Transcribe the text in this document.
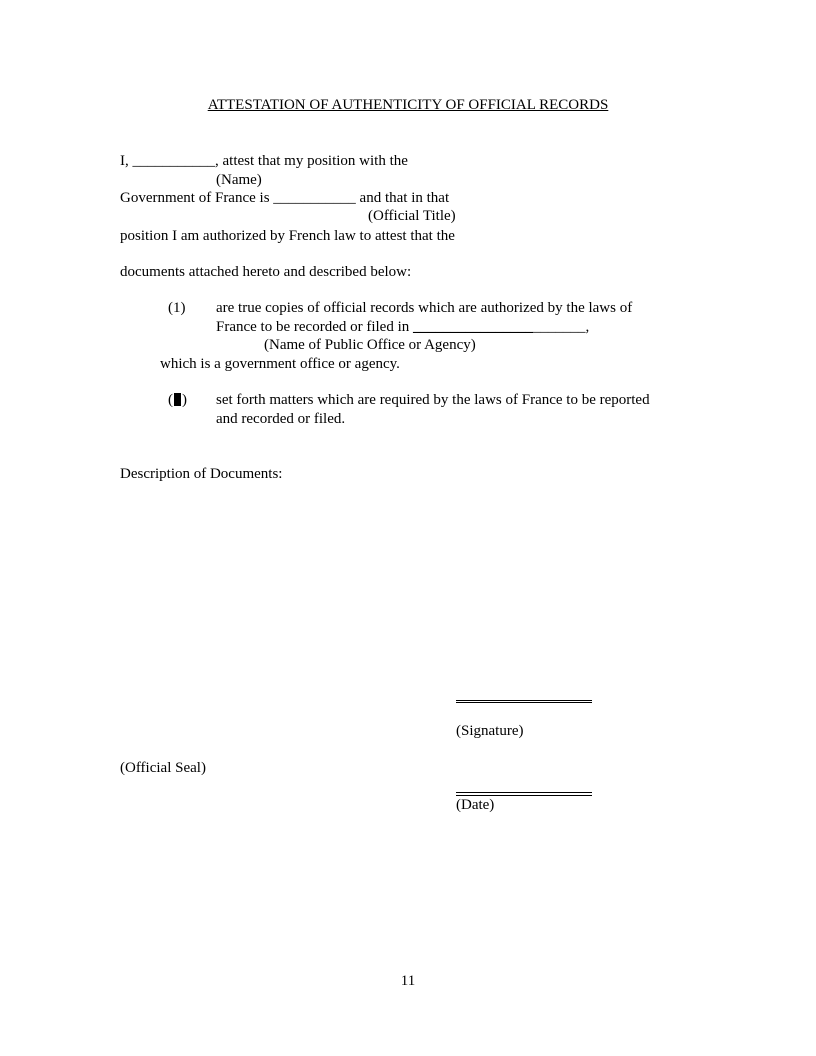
ATTESTATION OF AUTHENTICITY OF OFFICIAL RECORDS
I, ___________, attest that my position with the
(Name)
Government of France is ___________ and that in that
(Official Title)
position I am authorized by French law to attest that the
documents attached hereto and described below:
(1) are true copies of official records which are authorized by the laws of
France to be recorded or filed in _______________________,
(Name of Public Office or Agency)
which is a government office or agency.
( ) set forth matters which are required by the laws of France to be reported
and recorded or filed.
Description of Documents:
(Signature)
(Official Seal)
(Date)
11
